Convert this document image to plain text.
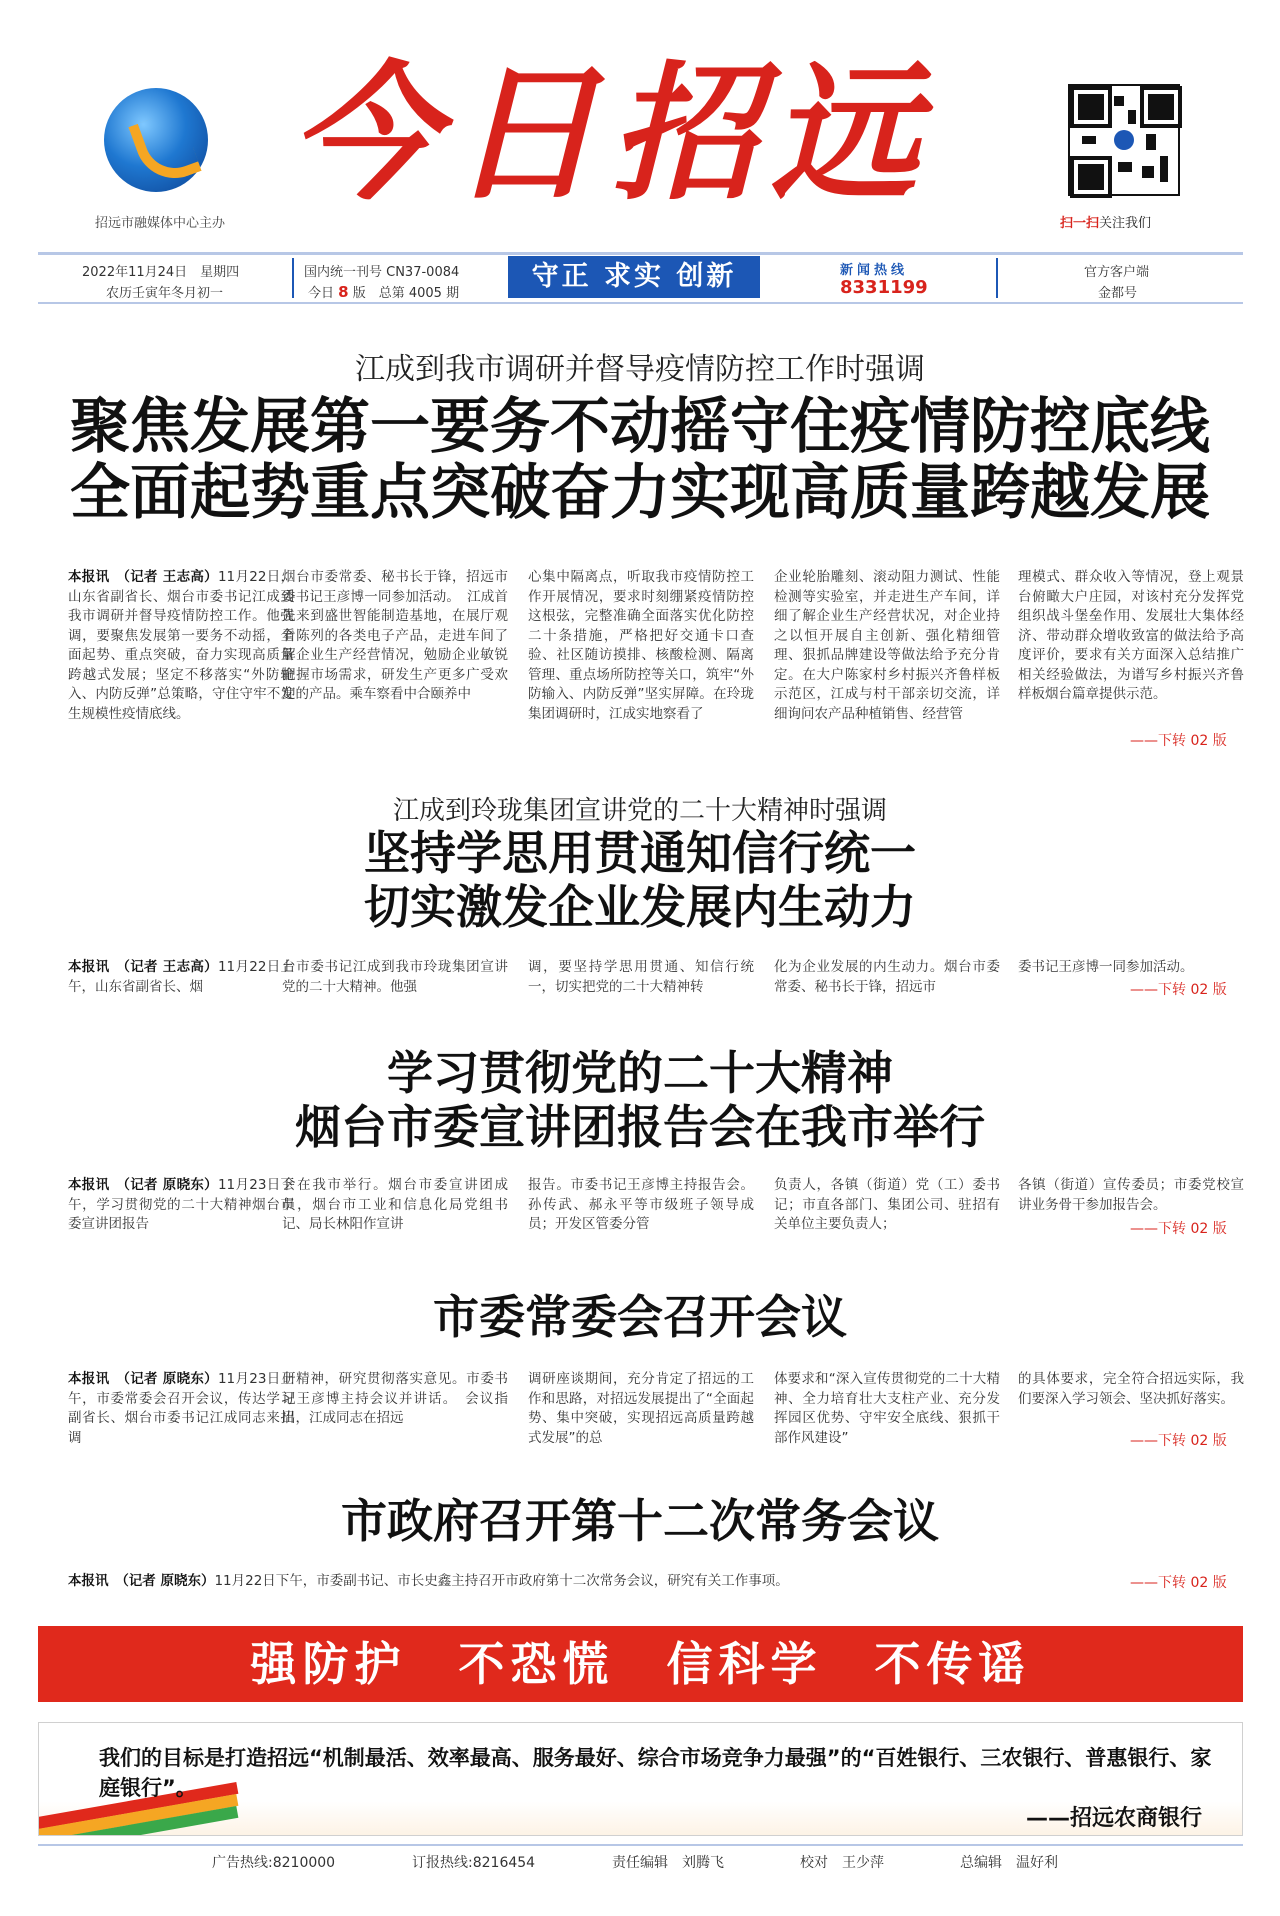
招远市融媒体中心主办
今日招远
扫一扫关注我们
2022年11月24日　星期四
农历壬寅年冬月初一
国内统一刊号 CN37-0084
今日 8 版　总第 4005 期
守正 求实 创新	新闻热线
8331199
官方客户端
金都号
江成到我市调研并督导疫情防控工作时强调
聚焦发展第一要务不动摇守住疫情防控底线
全面起势重点突破奋力实现高质量跨越发展
本报讯　（记者 王志高）11月22日，山东省副省长、烟台市委书记江成到我市调研并督导疫情防控工作。他强调，要聚焦发展第一要务不动摇，全面起势、重点突破，奋力实现高质量跨越式发展；坚定不移落实“外防输入、内防反弹”总策略，守住守牢不发生规模性疫情底线。
烟台市委常委、秘书长于锋，招远市委书记王彦博一同参加活动。　江成首先来到盛世智能制造基地，在展厅观看陈列的各类电子产品，走进车间了解企业生产经营情况，勉励企业敏锐把握市场需求，研发生产更多广受欢迎的产品。乘车察看中合颐养中
心集中隔离点，听取我市疫情防控工作开展情况，要求时刻绷紧疫情防控这根弦，完整准确全面落实优化防控二十条措施，严格把好交通卡口查验、社区随访摸排、核酸检测、隔离管理、重点场所防控等关口，筑牢“外防输入、内防反弹”坚实屏障。在玲珑集团调研时，江成实地察看了
企业轮胎雕刻、滚动阻力测试、性能检测等实验室，并走进生产车间，详细了解企业生产经营状况，对企业持之以恒开展自主创新、强化精细管理、狠抓品牌建设等做法给予充分肯定。在大户陈家村乡村振兴齐鲁样板示范区，江成与村干部亲切交流，详细询问农产品种植销售、经营管
理模式、群众收入等情况，登上观景台俯瞰大户庄园，对该村充分发挥党组织战斗堡垒作用、发展壮大集体经济、带动群众增收致富的做法给予高度评价，要求有关方面深入总结推广相关经验做法，为谱写乡村振兴齐鲁样板烟台篇章提供示范。
——下转 02 版
江成到玲珑集团宣讲党的二十大精神时强调
坚持学思用贯通知信行统一
切实激发企业发展内生动力
本报讯　（记者 王志高）11月22日上午，山东省副省长、烟
台市委书记江成到我市玲珑集团宣讲党的二十大精神。他强
调，要坚持学思用贯通、知信行统一，切实把党的二十大精神转
化为企业发展的内生动力。烟台市委常委、秘书长于锋，招远市
委书记王彦博一同参加活动。
——下转 02 版
学习贯彻党的二十大精神
烟台市委宣讲团报告会在我市举行
本报讯　（记者 原晓东）11月23日下午，学习贯彻党的二十大精神烟台市委宣讲团报告
会在我市举行。烟台市委宣讲团成员，烟台市工业和信息化局党组书记、局长林阳作宣讲
报告。市委书记王彦博主持报告会。孙传武、郝永平等市级班子领导成员；开发区管委分管
负责人，各镇（街道）党（工）委书记；市直各部门、集团公司、驻招有关单位主要负责人；
各镇（街道）宣传委员；市委党校宣讲业务骨干参加报告会。
——下转 02 版
市委常委会召开会议
本报讯　（记者 原晓东）11月23日上午，市委常委会召开会议，传达学习副省长、烟台市委书记江成同志来招调
研精神，研究贯彻落实意见。市委书记王彦博主持会议并讲话。　会议指出，江成同志在招远
调研座谈期间，充分肯定了招远的工作和思路，对招远发展提出了“全面起势、集中突破，实现招远高质量跨越式发展”的总
体要求和“深入宣传贯彻党的二十大精神、全力培育壮大支柱产业、充分发挥园区优势、守牢安全底线、狠抓干部作风建设”
的具体要求，完全符合招远实际，我们要深入学习领会、坚决抓好落实。
——下转 02 版
市政府召开第十二次常务会议
本报讯　（记者 原晓东）11月22日下午，市委副书记、市长史鑫主持召开市政府第十二次常务会议，研究有关工作事项。	——下转 02 版
强防护　不恐慌　信科学　不传谣
我们的目标是打造招远“机制最活、效率最高、服务最好、综合市场竞争力最强”的“百姓银行、三农银行、普惠银行、家庭银行”。
——招远农商银行
广告热线:8210000	订报热线:8216454	责任编辑　刘腾飞	校对　王少萍	总编辑　温好利
